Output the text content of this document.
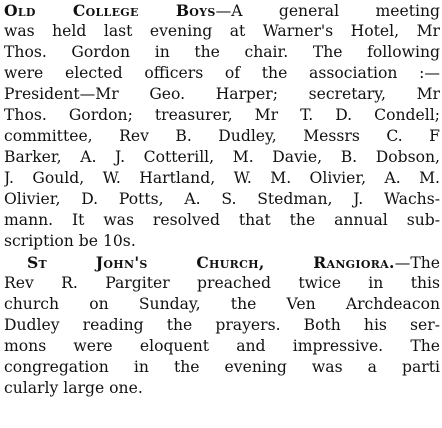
Old College Boys—A general meeting
was held last evening at Warner's Hotel, Mr
Thos. Gordon in the chair. The following
were elected officers of the association :—
President—Mr Geo. Harper; secretary, Mr
Thos. Gordon; treasurer, Mr T. D. Condell;
committee, Rev B. Dudley, Messrs C. F
Barker, A. J. Cotterill, M. Davie, B. Dobson,
J. Gould, W. Hartland, W. M. Olivier, A. M.
Olivier, D. Potts, A. S. Stedman, J. Wachs-
mann. It was resolved that the annual sub-
scription be 10s.
St John's Church, Rangiora.—The
Rev R. Pargiter preached twice in this
church on Sunday, the Ven Archdeacon
Dudley reading the prayers. Both his ser-
mons were eloquent and impressive. The
congregation in the evening was a parti
cularly large one.
